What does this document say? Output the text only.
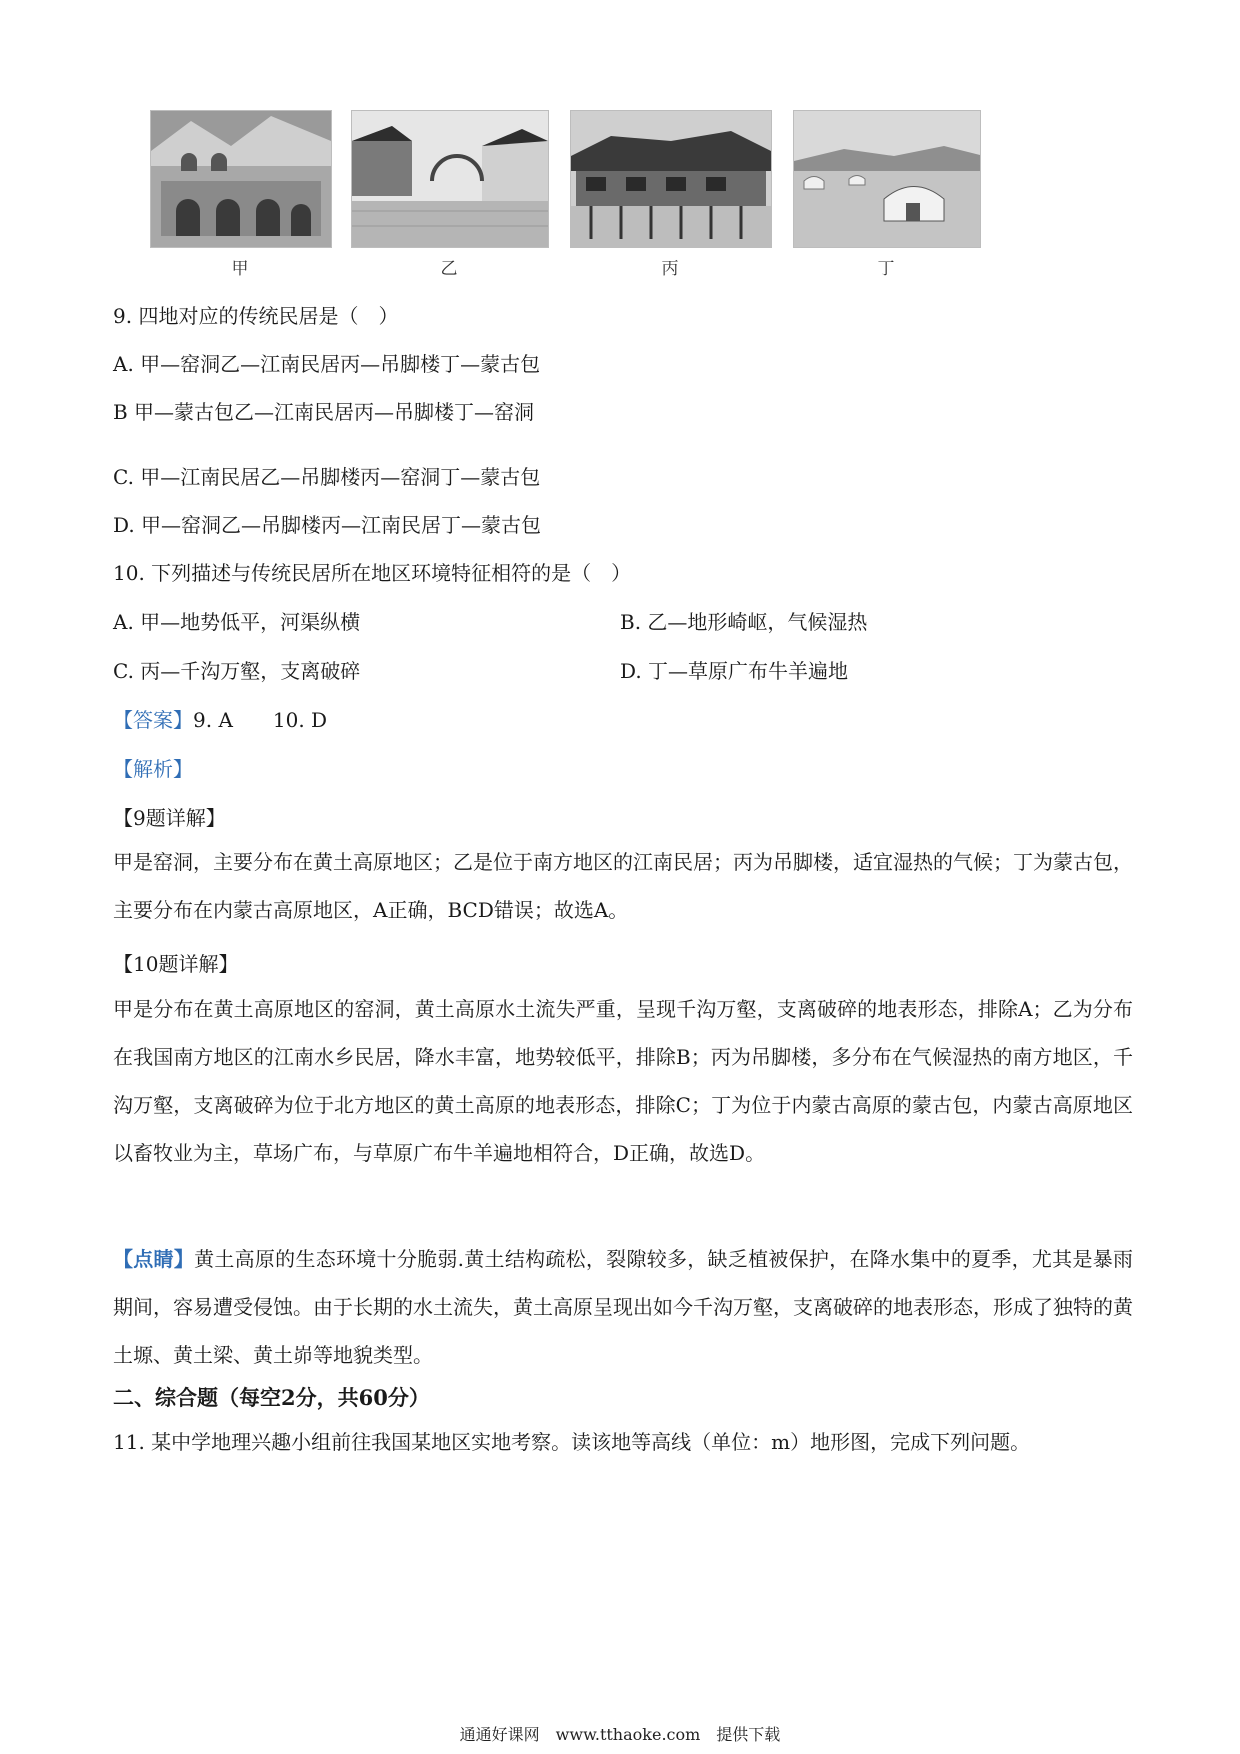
甲	乙	丙	丁
9. 四地对应的传统民居是（　）
A. 甲—窑洞乙—江南民居丙—吊脚楼丁—蒙古包
B 甲—蒙古包乙—江南民居丙—吊脚楼丁—窑洞
C. 甲—江南民居乙—吊脚楼丙—窑洞丁—蒙古包
D. 甲—窑洞乙—吊脚楼丙—江南民居丁—蒙古包
10. 下列描述与传统民居所在地区环境特征相符的是（　）
A. 甲—地势低平，河渠纵横	B. 乙—地形崎岖，气候湿热
C. 丙—千沟万壑，支离破碎	D. 丁—草原广布牛羊遍地
【答案】9. A　　10. D
【解析】
【9题详解】
甲是窑洞，主要分布在黄土高原地区；乙是位于南方地区的江南民居；丙为吊脚楼，适宜湿热的气候；丁为蒙古包，主要分布在内蒙古高原地区，A正确，BCD错误；故选A。
【10题详解】
甲是分布在黄土高原地区的窑洞，黄土高原水土流失严重，呈现千沟万壑，支离破碎的地表形态，排除A；乙为分布在我国南方地区的江南水乡民居，降水丰富，地势较低平，排除B；丙为吊脚楼，多分布在气候湿热的南方地区，千沟万壑，支离破碎为位于北方地区的黄土高原的地表形态，排除C；丁为位于内蒙古高原的蒙古包，内蒙古高原地区以畜牧业为主，草场广布，与草原广布牛羊遍地相符合，D正确，故选D。
【点睛】黄土高原的生态环境十分脆弱.黄土结构疏松，裂隙较多，缺乏植被保护，在降水集中的夏季，尤其是暴雨期间，容易遭受侵蚀。由于长期的水土流失，黄土高原呈现出如今千沟万壑，支离破碎的地表形态，形成了独特的黄土塬、黄土梁、黄土峁等地貌类型。
二、综合题（每空2分，共60分）
11. 某中学地理兴趣小组前往我国某地区实地考察。读该地等高线（单位：m）地形图，完成下列问题。
通通好课网　www.tthaoke.com　提供下载
